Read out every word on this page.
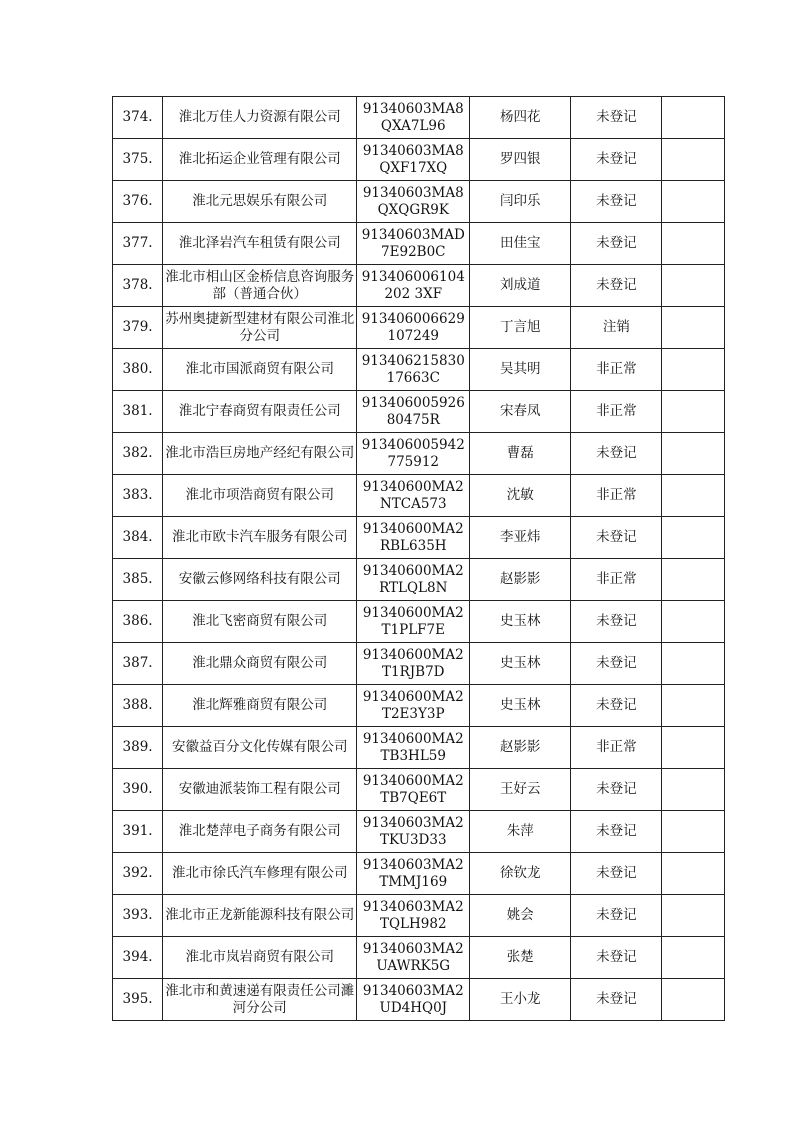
374.	淮北万佳人力资源有限公司	91340603MA8QXA7L96	杨四花	未登记	

375.	淮北拓运企业管理有限公司	91340603MA8QXF17XQ	罗四银	未登记	

376.	淮北元思娱乐有限公司	91340603MA8QXQGR9K	闫印乐	未登记	

377.	淮北泽岩汽车租赁有限公司	91340603MAD7E92B0C	田佳宝	未登记	

378.	淮北市相山区金桥信息咨询服务部（普通合伙）	913406006104202 3XF	刘成道	未登记	

379.	苏州奥捷新型建材有限公司淮北分公司	913406006629107249	丁言旭	注销	

380.	淮北市国派商贸有限公司	91340621583017663C	吴其明	非正常	

381.	淮北宁春商贸有限责任公司	91340600592680475R	宋春凤	非正常	

382.	淮北市浩巨房地产经纪有限公司	913406005942775912	曹磊	未登记	

383.	淮北市项浩商贸有限公司	91340600MA2NTCA573	沈敏	非正常	

384.	淮北市欧卡汽车服务有限公司	91340600MA2RBL635H	李亚炜	未登记	

385.	安徽云修网络科技有限公司	91340600MA2RTLQL8N	赵影影	非正常	

386.	淮北飞密商贸有限公司	91340600MA2T1PLF7E	史玉林	未登记	

387.	淮北鼎众商贸有限公司	91340600MA2T1RJB7D	史玉林	未登记	

388.	淮北辉雅商贸有限公司	91340600MA2T2E3Y3P	史玉林	未登记	

389.	安徽益百分文化传媒有限公司	91340600MA2TB3HL59	赵影影	非正常	

390.	安徽迪派装饰工程有限公司	91340600MA2TB7QE6T	王好云	未登记	

391.	淮北楚萍电子商务有限公司	91340603MA2TKU3D33	朱萍	未登记	

392.	淮北市徐氏汽车修理有限公司	91340603MA2TMMJ169	徐钦龙	未登记	

393.	淮北市正龙新能源科技有限公司	91340603MA2TQLH982	姚会	未登记	

394.	淮北市岚岩商贸有限公司	91340603MA2UAWRK5G	张楚	未登记	

395.	淮北市和黄速递有限责任公司濉河分公司	91340603MA2UD4HQ0J	王小龙	未登记	
